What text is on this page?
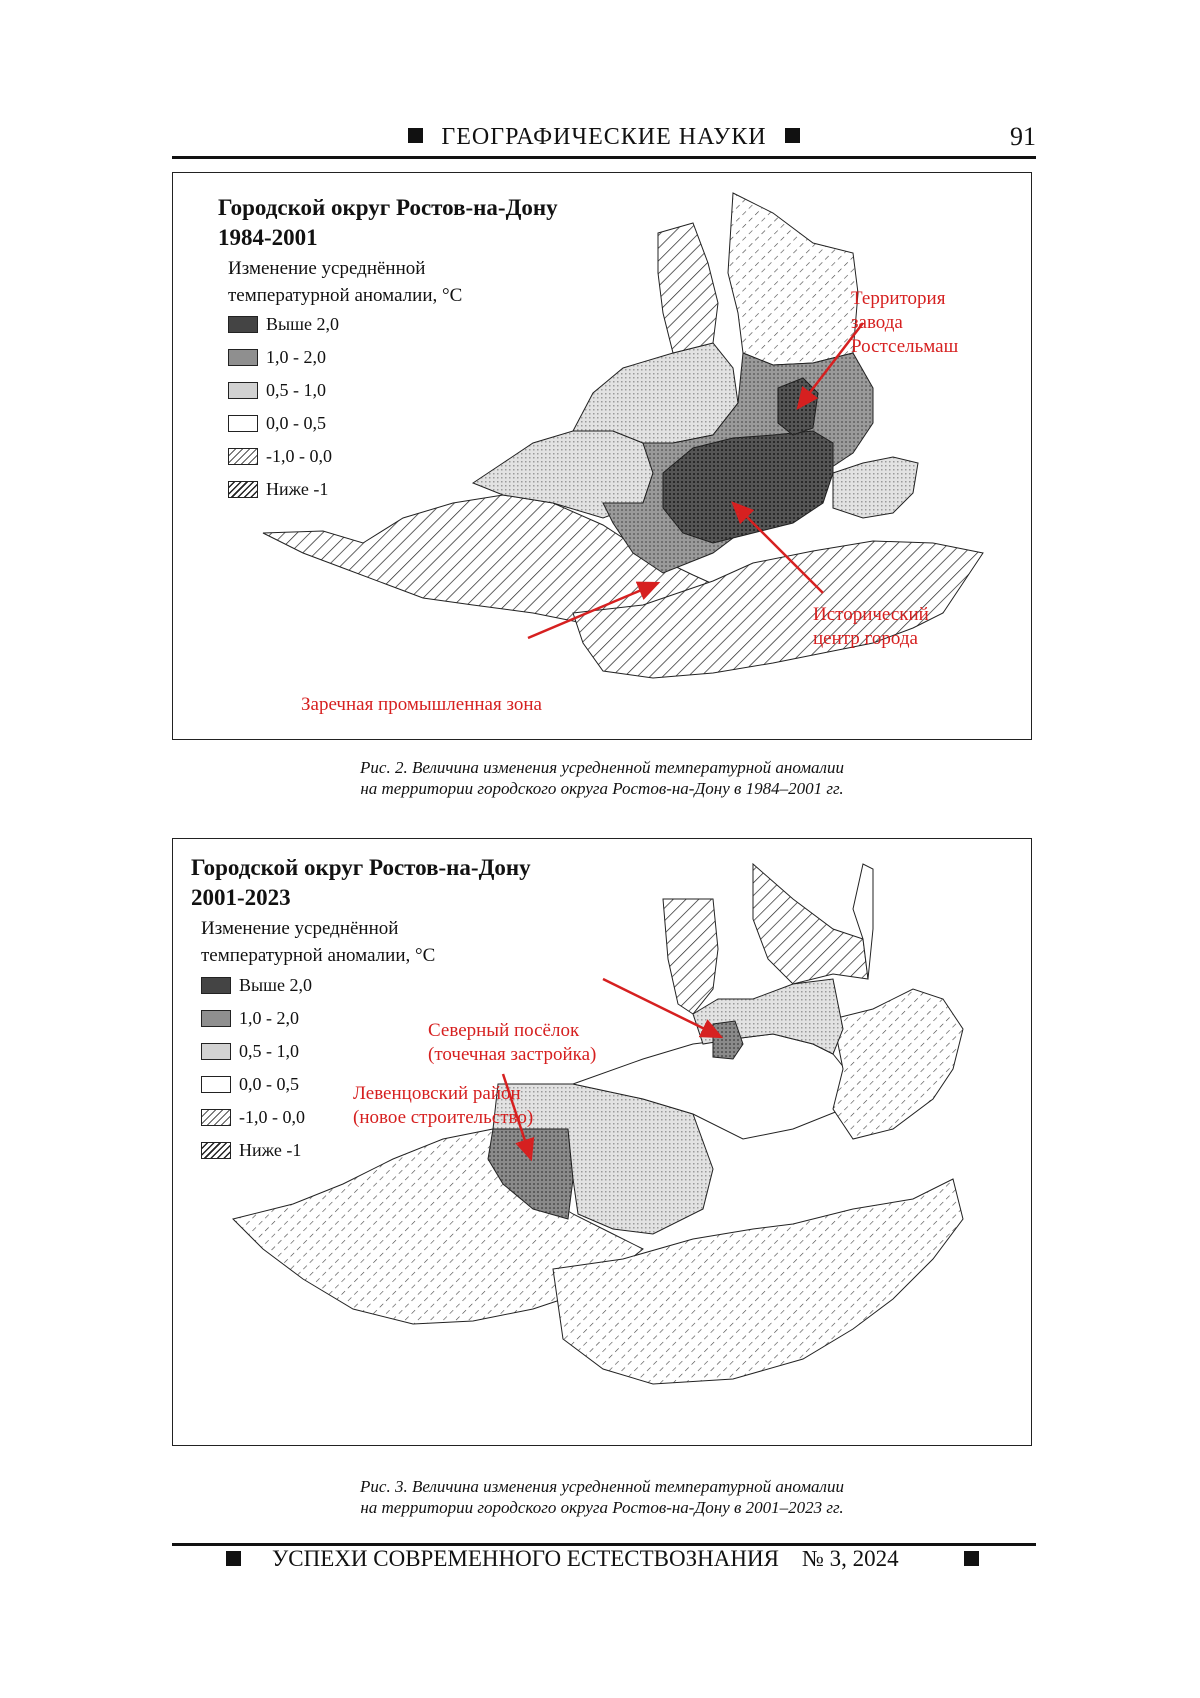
ГЕОГРАФИЧЕСКИЕ НАУКИ	91
Городской округ Ростов-на-Дону
1984-2001
Изменение усреднённой
температурной аномалии, °С
Выше 2,0
1,0 - 2,0
0,5 - 1,0
0,0 - 0,5
-1,0 - 0,0
Ниже -1
Территория
завода
Ростсельмаш
Исторический
центр города
Заречная промышленная зона
Рис. 2. Величина изменения усредненной температурной аномалии
на территории городского округа Ростов-на-Дону в 1984–2001 гг.
Городской округ Ростов-на-Дону
2001-2023
Изменение усреднённой
температурной аномалии, °С
Выше 2,0
1,0 - 2,0
0,5 - 1,0
0,0 - 0,5
-1,0 - 0,0
Ниже -1
Северный посёлок
(точечная застройка)
Левенцовский район
(новое строительство)
Рис. 3. Величина изменения усредненной температурной аномалии
на территории городского округа Ростов-на-Дону в 2001–2023 гг.
УСПЕХИ СОВРЕМЕННОГО ЕСТЕСТВОЗНАНИЯ № 3, 2024
